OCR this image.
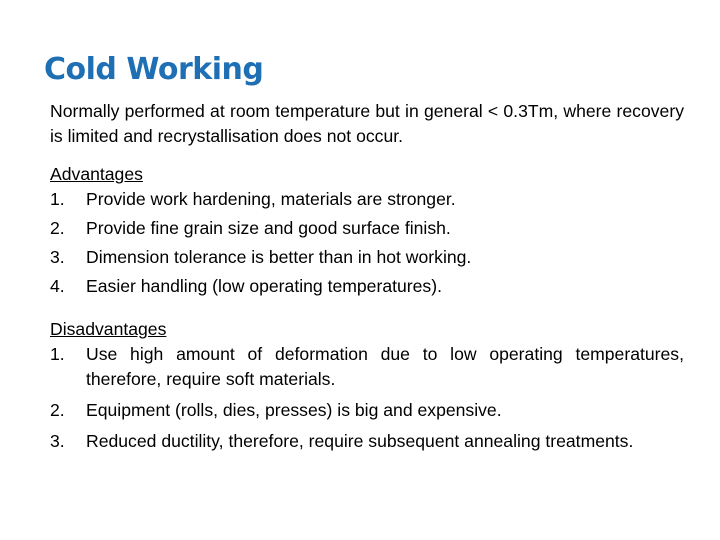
Cold Working

Normally performed at room temperature but in general < 0.3Tm, where recovery is limited and recrystallisation does not occur.

Advantages

1.	Provide work hardening, materials are stronger.
2.	Provide fine grain size and good surface finish.
3.	Dimension tolerance is better than in hot working.
4.	Easier handling (low operating temperatures).

Disadvantages

1.	Use high amount of deformation due to low operating temperatures, therefore, require soft materials.
2.	Equipment (rolls, dies, presses) is big and expensive.
3.	Reduced ductility, therefore, require subsequent annealing treatments.
